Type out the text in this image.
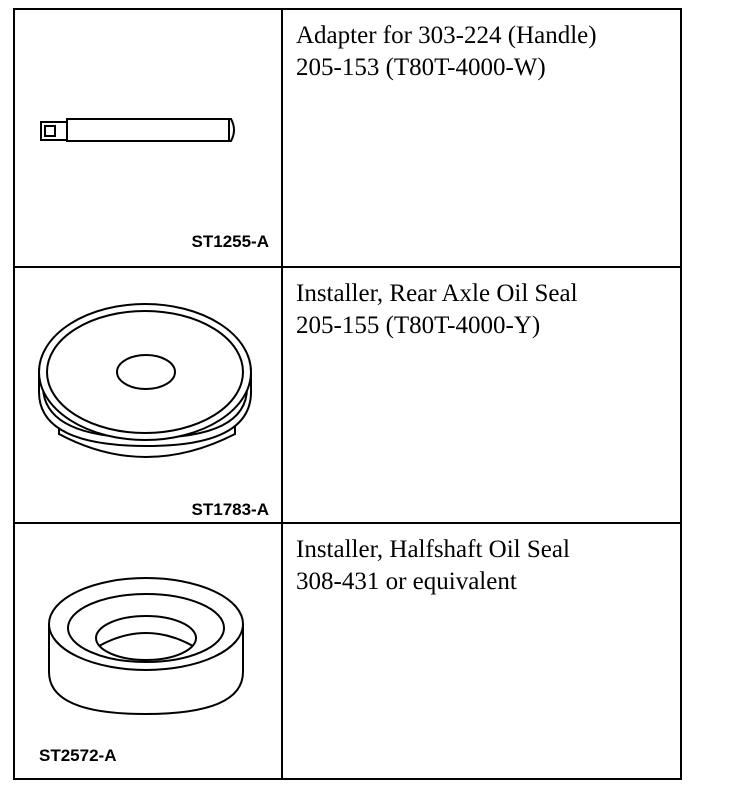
ST1255-A
Adapter for 303-224 (Handle)
205-153 (T80T-4000-W)
ST1783-A
Installer, Rear Axle Oil Seal
205-155 (T80T-4000-Y)
ST2572-A
Installer, Halfshaft Oil Seal
308-431 or equivalent
